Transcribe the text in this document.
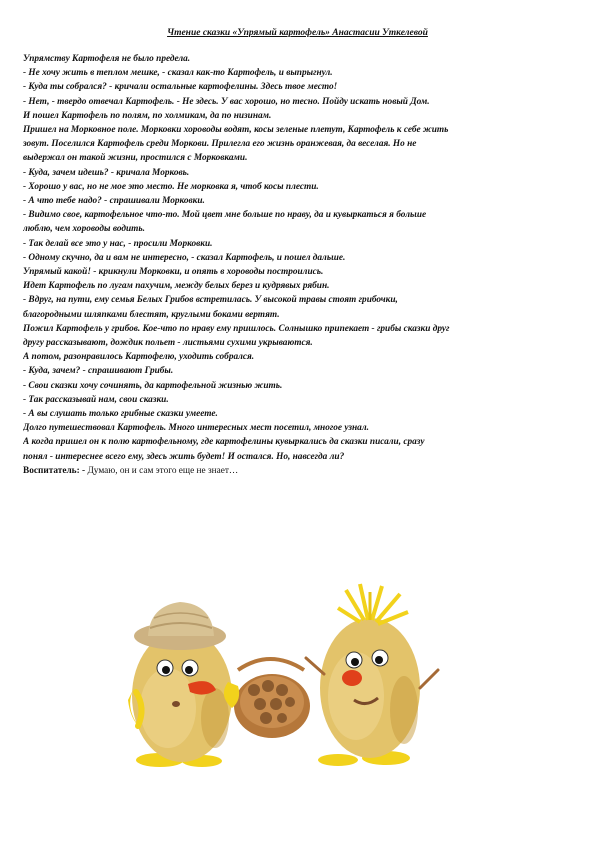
Чтение сказки «Упрямый картофель» Анастасии Уткелевой
Упрямству Картофеля не было предела.
- Не хочу жить в теплом мешке, - сказал как-то Картофель, и выпрыгнул.
- Куда ты собрался? - кричали остальные картофелины. Здесь твое место!
- Нет, - твердо отвечал Картофель. - Не здесь. У вас хорошо, но тесно. Пойду искать новый Дом.
И пошел Картофель по полям, по холмикам, да по низинам.
Пришел на Морковное поле. Морковки хороводы водят, косы зеленые плетут, Картофель к себе жить
зовут. Поселился Картофель среди Моркови. Прилегла его жизнь оранжевая, да веселая. Но не
выдержал он такой жизни, простился с Морковками.
- Куда, зачем идешь? - кричала Морковь.
- Хорошо у вас, но не мое это место. Не морковка я, чтоб косы плести.
- А что тебе надо? - спрашивали Морковки.
- Видимо свое, картофельное что-то. Мой цвет мне больше по нраву, да и кувыркаться я больше
люблю, чем хороводы водить.
- Так делай все это у нас, - просили Морковки.
- Одному скучно, да и вам не интересно, - сказал Картофель, и пошел дальше.
Упрямый какой! - крикнули Морковки, и опять в хороводы построились.
Идет Картофель по лугам пахучим, между белых берез и кудрявых рябин.
- Вдруг, на пути, ему семья Белых Грибов встретилась. У высокой травы стоят грибочки,
благородными шляпками блестят, круглыми боками вертят.
Пожил Картофель у грибов. Кое-что по нраву ему пришлось. Солнышко припекает - грибы сказки друг
другу рассказывают, дождик польет - листьями сухими укрываются.
А потом, разонравилось Картофелю, уходить собрался.
- Куда, зачем? - спрашивают Грибы.
- Свои сказки хочу сочинять, да картофельной жизнью жить.
- Так рассказывай нам, свои сказки.
- А вы слушать только грибные сказки умеете.
Долго путешествовал Картофель. Много интересных мест посетил, многое узнал.
А когда пришел он к полю картофельному, где картофелины кувыркались да сказки писали, сразу
понял - интереснее всего ему, здесь жить будет! И остался. Но, навсегда ли?
Воспитатель: - Думаю, он и сам этого еще не знает…
